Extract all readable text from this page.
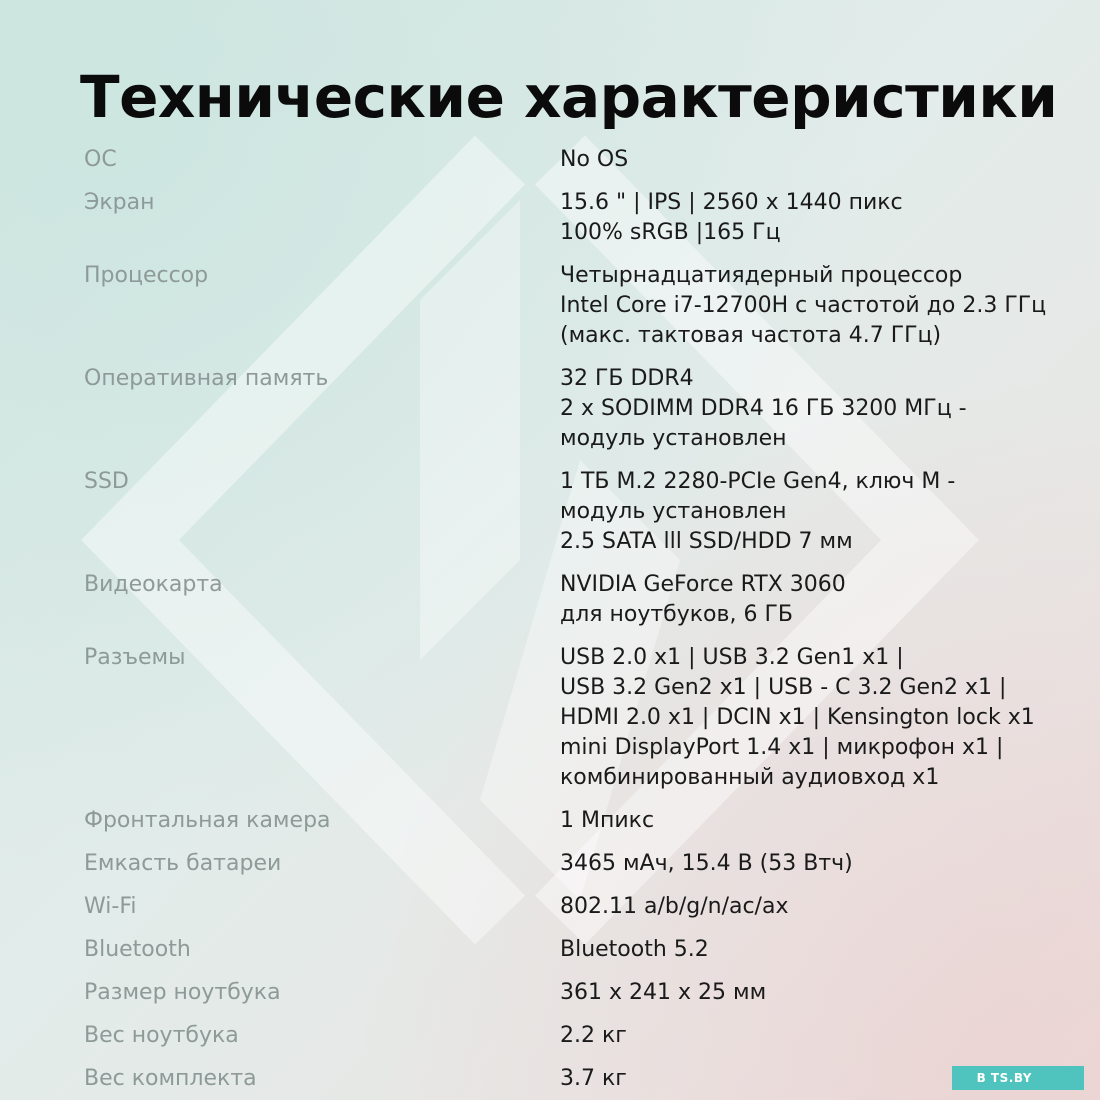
Технические характеристики
ОС	No OS
Экран	15.6 " | IPS | 2560 x 1440 пикс
100% sRGB |165 Гц
Процессор	Четырнадцатиядерный процессор
Intel Core i7-12700H с частотой до 2.3 ГГц
(макс. тактовая частота 4.7 ГГц)
Оперативная память	32 ГБ DDR4
2 x SODIMM DDR4 16 ГБ 3200 МГц -
модуль установлен
SSD	1 ТБ M.2 2280-PCIe Gen4, ключ M -
модуль установлен
2.5 SATA lll SSD/HDD 7 мм
Видеокарта	NVIDIA GeForce RTX 3060
для ноутбуков, 6 ГБ
Разъемы	USB 2.0 x1 | USB 3.2 Gen1 x1 |
USB 3.2 Gen2 x1 | USB - C 3.2 Gen2 x1 |
HDMI 2.0 x1 | DCIN x1 | Kensington lock x1
mini DisplayPort 1.4 x1 | микрофон x1 |
комбинированный аудиовход x1
Фронтальная камера	1 Мпикс
Емкасть батареи	3465 мАч, 15.4 В (53 Втч)
Wi-Fi	802.11 a/b/g/n/ac/ax
Bluetooth	Bluetooth 5.2
Размер ноутбука	361 x 241 x 25 мм
Вес ноутбука	2.2 кг
Вес комплекта	3.7 кг	B TS.BY
